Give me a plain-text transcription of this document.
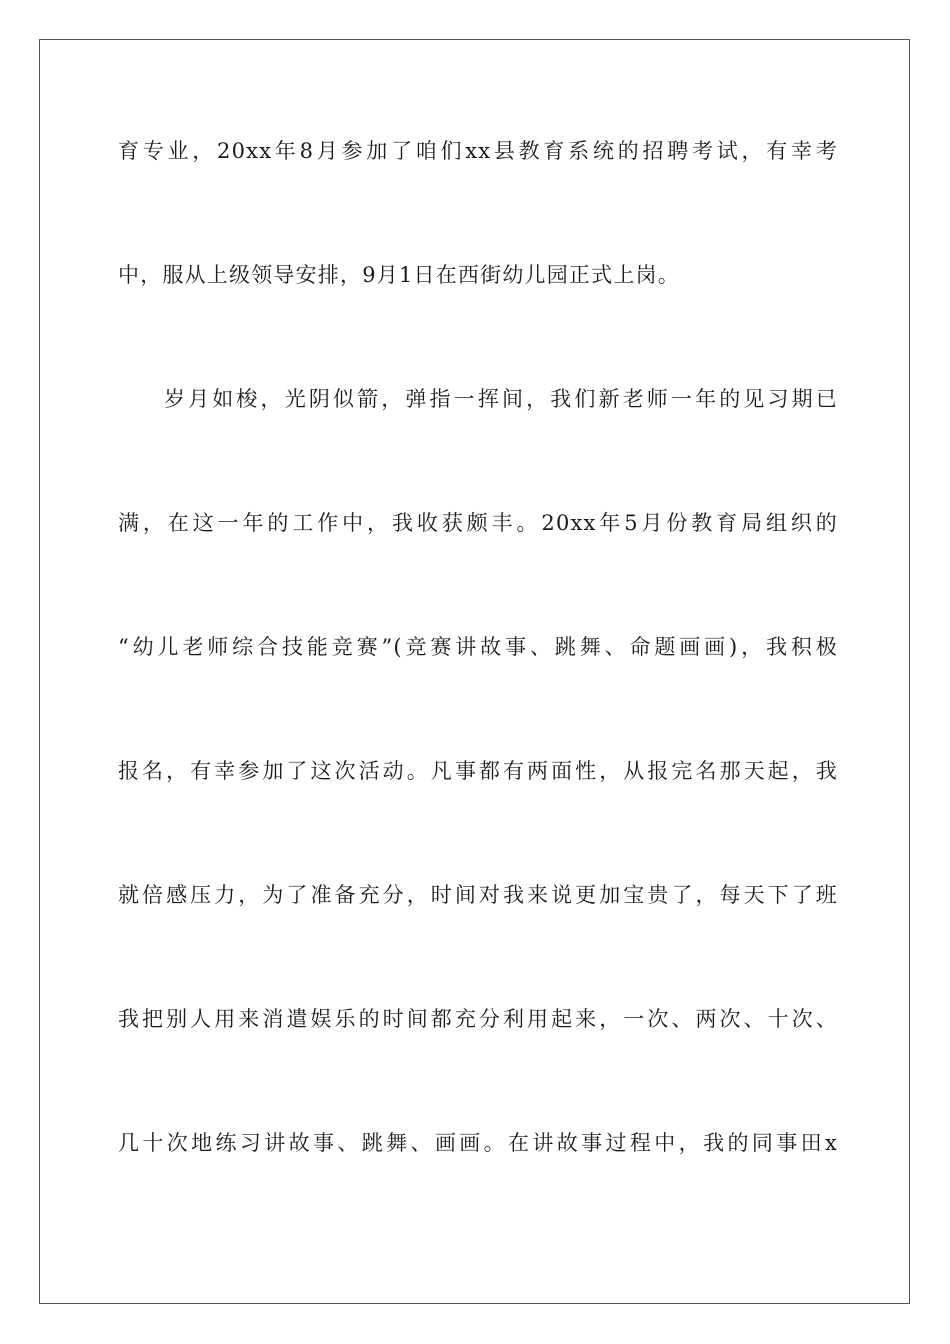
育专业，20xx年8月参加了咱们xx县教育系统的招聘考试，有幸考
中，服从上级领导安排，9月1日在西街幼儿园正式上岗。
岁月如梭，光阴似箭，弹指一挥间，我们新老师一年的见习期已
满，在这一年的工作中，我收获颇丰。20xx年5月份教育局组织的
“幼儿老师综合技能竞赛”(竞赛讲故事、跳舞、命题画画)，我积极
报名，有幸参加了这次活动。凡事都有两面性，从报完名那天起，我
就倍感压力，为了准备充分，时间对我来说更加宝贵了，每天下了班
我把别人用来消遣娱乐的时间都充分利用起来，一次、两次、十次、
几十次地练习讲故事、跳舞、画画。在讲故事过程中，我的同事田x
